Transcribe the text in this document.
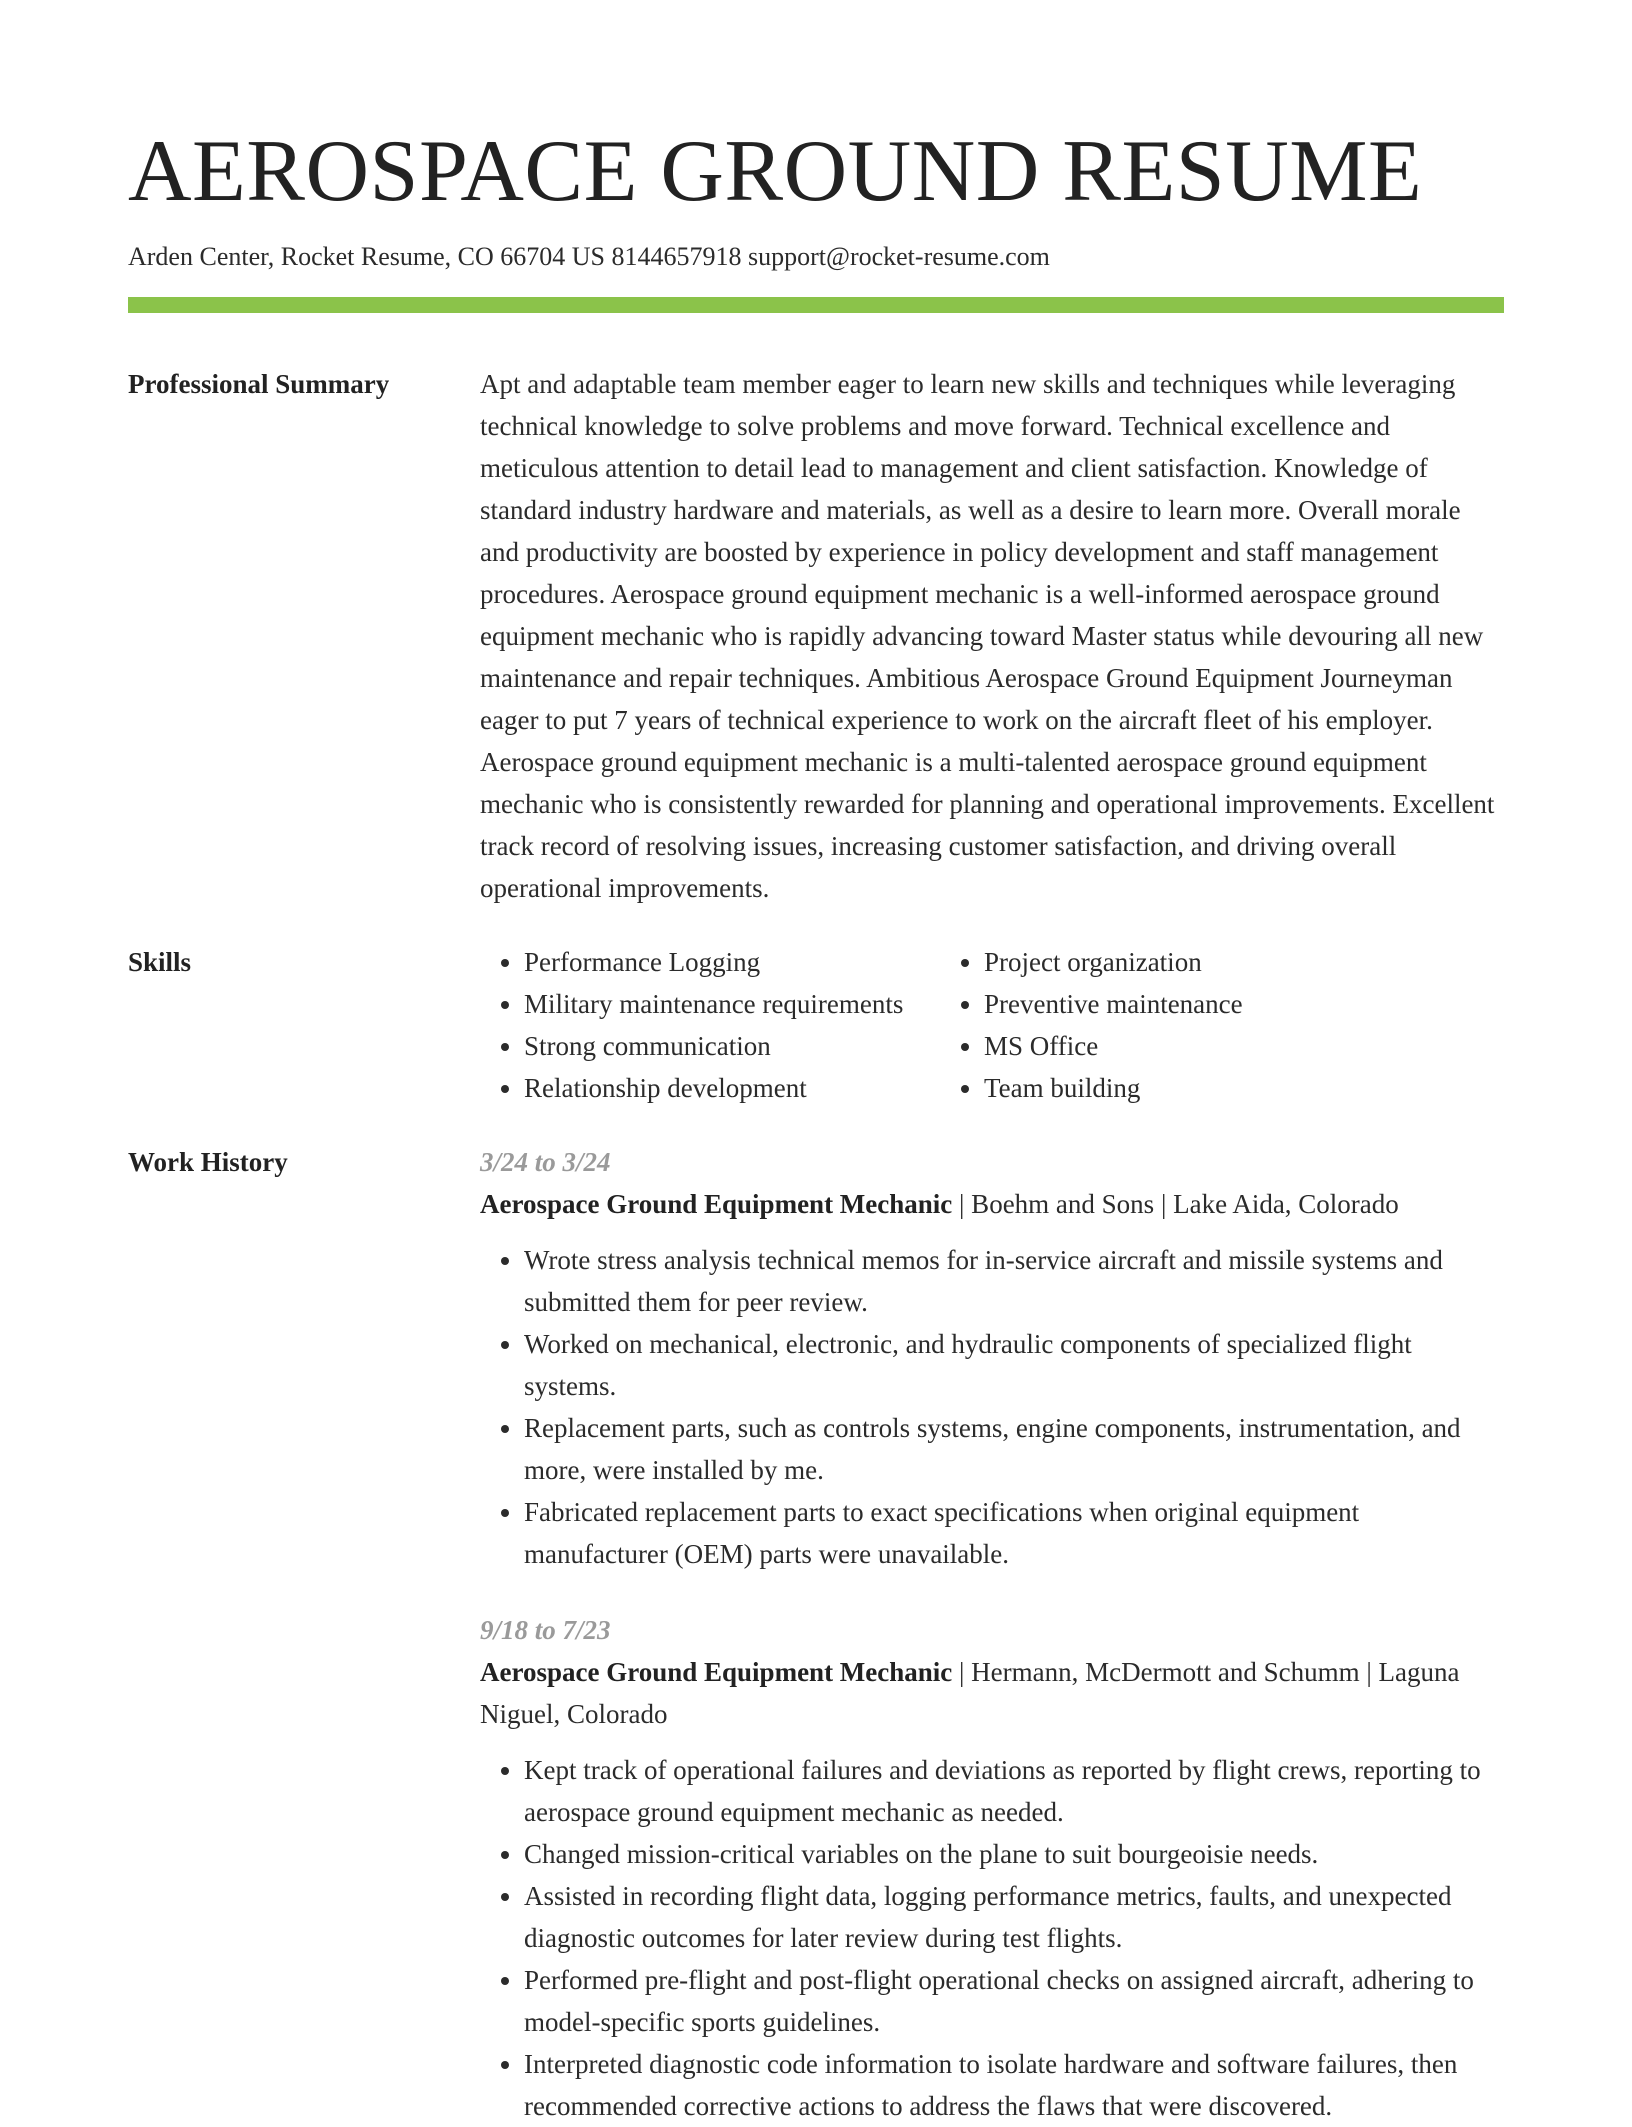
AEROSPACE GROUND RESUME
Arden Center, Rocket Resume, CO 66704 US 8144657918 support@rocket-resume.com
Professional Summary	Apt and adaptable team member eager to learn new skills and techniques while leveraging technical knowledge to solve problems and move forward. Technical excellence and meticulous attention to detail lead to management and client satisfaction. Knowledge of standard industry hardware and materials, as well as a desire to learn more. Overall morale and productivity are boosted by experience in policy development and staff management procedures. Aerospace ground equipment mechanic is a well-informed aerospace ground equipment mechanic who is rapidly advancing toward Master status while devouring all new maintenance and repair techniques. Ambitious Aerospace Ground Equipment Journeyman eager to put 7 years of technical experience to work on the aircraft fleet of his employer. Aerospace ground equipment mechanic is a multi-talented aerospace ground equipment mechanic who is consistently rewarded for planning and operational improvements. Excellent track record of resolving issues, increasing customer satisfaction, and driving overall operational improvements.

Skills
•	Performance Logging
• Military maintenance requirements
• Strong communication
• Relationship development
• Project organization
• Preventive maintenance
• MS Office
• Team building
Work History	3/24 to 3/24
Aerospace Ground Equipment Mechanic | Boehm and Sons | Lake Aida, Colorado
• Wrote stress analysis technical memos for in-service aircraft and missile systems and submitted them for peer review.
• Worked on mechanical, electronic, and hydraulic components of specialized flight systems.
• Replacement parts, such as controls systems, engine components, instrumentation, and more, were installed by me.
• Fabricated replacement parts to exact specifications when original equipment manufacturer (OEM) parts were unavailable.
9/18 to 7/23
Aerospace Ground Equipment Mechanic | Hermann, McDermott and Schumm | Laguna Niguel, Colorado
• Kept track of operational failures and deviations as reported by flight crews, reporting to aerospace ground equipment mechanic as needed.
• Changed mission-critical variables on the plane to suit bourgeoisie needs.
• Assisted in recording flight data, logging performance metrics, faults, and unexpected diagnostic outcomes for later review during test flights.
• Performed pre-flight and post-flight operational checks on assigned aircraft, adhering to model-specific sports guidelines.
• Interpreted diagnostic code information to isolate hardware and software failures, then recommended corrective actions to address the flaws that were discovered.
